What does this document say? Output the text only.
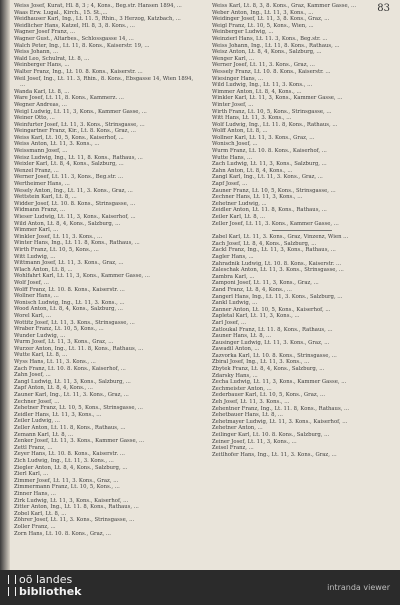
83

Weiss Josef, Kurat, Hl. 8, 3 ; 4, Kons., Beg.str. Hansen 1894, ...

Waas Erw. Lugal., Kirch., 15. St.,...

Weidhauser Karl, Ing., Lt. 11. 5, Rhin., 3 Herzog, Katzbach, ...

Weidlicher Hans, Katzel, Hl. 8, 3, 8. Kons., ...

Wagner Josef Franz, ...

Wagner Gust., Altarbes., Schlossgasse 14, ...

Walch Peter, Ing., Lt. 11, 8. Kons., Kaiserstr. 19, ...

Weiss Johann, ...

Wald Leo, Schulrat, Lt. 8, ...

Weinberger Hans, ...

Walter Franz, Ing., Lt. 10. 8. Kons., Kaiserstr. ...

Weil Josef, Ing., Lt. 11. 3, Rhin., 8. Kons., Ebsgasse 14, Wien 1894, ...

Wanda Karl, Lt. 8, ...

Ware Josef, Lt. 11, 8. Kons., Kammerz. ...

Wegner Andreas, ...

Weigl Ludwig, Lt. 11, 3, Kons., Kammer Gasse, ...

Weiner Otto, ...

Weinfurter Josef, Lt. 11, 3. Kons., Strinsgasse, ...

Weingartner Franz, Kir., Lt. 8. Kons., Graz, ...

Weiss Karl, Lt. 10, 5, Kons., Kaiserhof, ...

Weiss Anton, Lt. 11, 3. Kons., ...

Weissmann Josef, ...

Weisz Ludwig, Ing., Lt. 11, 8. Kons., Rathaus, ...

Weixler Karl, Lt. 8, 4, Kons., Salzburg, ...

Wenzel Franz, ...

Werner Josef, Lt. 11. 3, Kons., Beg.str. ...

Wertheimer Hans, ...

Wesely Anton, Ing., Lt. 11, 3. Kons., Graz, ...

Wettstein Karl, Lt. 8, ...

Widder Josef, Lt. 10. 8. Kons., Strinsgasse, ...

Widmann Franz, ...

Wieser Ludwig, Lt. 11, 3, Kons., Kaiserhof, ...

Wild Anton, Lt. 8, 4, Kons., Salzburg, ...

Wimmer Karl, ...

Winkler Josef, Lt. 11, 3. Kons., ...

Winter Hans, Ing., Lt. 11. 8, Kons., Rathaus, ...

Wirth Franz, Lt. 10, 5, Kons., ...

Witt Ludwig, ...

Wittmann Josef, Lt. 11, 3. Kons., Graz, ...

Wlach Anton, Lt. 8, ...

Wohlfahrt Karl, Lt. 11, 3, Kons., Kammer Gasse, ...

Wolf Josef, ...

Wolff Franz, Lt. 10. 8. Kons., Kaiserstr. ...

Wollner Hans, ...

Wonisch Ludwig, Ing., Lt. 11, 3. Kons., ...

Wood Anton, Lt. 8, 4, Kons., Salzburg, ...

Worel Karl, ...

Wottitz Josef, Lt. 11, 3. Kons., Strinsgasse, ...

Wraber Franz, Lt. 10, 5, Kons., ...

Wunder Ludwig, ...

Wurm Josef, Lt. 11, 3, Kons., Graz, ...

Wurzer Anton, Ing., Lt. 11. 8, Kons., Rathaus, ...

Wutte Karl, Lt. 8, ...

Wyss Hans, Lt. 11, 3. Kons., ...

Zach Franz, Lt. 10. 8. Kons., Kaiserhof, ...

Zahn Josef, ...

Zangl Ludwig, Lt. 11, 3, Kons., Salzburg, ...

Zapf Anton, Lt. 8, 4, Kons., ...

Zauner Karl, Ing., Lt. 11, 3. Kons., Graz, ...

Zechner Josef, ...

Zehetner Franz, Lt. 10, 5, Kons., Strinsgasse, ...

Zeidler Hans, Lt. 11, 3, Kons., ...

Zeiler Ludwig, ...

Zeller Anton, Lt. 11. 8, Kons., Rathaus, ...

Zemann Karl, Lt. 8, ...

Zenker Josef, Lt. 11, 3. Kons., Kammer Gasse, ...

Zettl Franz, ...

Zeyer Hans, Lt. 10. 8. Kons., Kaiserstr. ...

Zich Ludwig, Ing., Lt. 11, 3. Kons., ...

Ziegler Anton, Lt. 8, 4, Kons., Salzburg, ...

Zierl Karl, ...

Zimmer Josef, Lt. 11, 3. Kons., Graz, ...

Zimmermann Franz, Lt. 10, 5, Kons., ...

Zinner Hans, ...

Zirk Ludwig, Lt. 11, 3, Kons., Kaiserhof, ...

Zitter Anton, Ing., Lt. 11. 8, Kons., Rathaus, ...

Zobel Karl, Lt. 8, ...

Zöhrer Josef, Lt. 11, 3. Kons., Strinsgasse, ...

Zoller Franz, ...

Zorn Hans, Lt. 10. 8. Kons., Graz, ...

Weiss Karl, Lt. 8, 3, 8. Kons., Graz, Kammer Gasse, ...

Weber Anton, Ing., Lt. 11, 3, Kons., ...

Weidinger Josef, Lt. 11, 3, 8. Kons., Graz, ...

Weigl Franz, Lt. 10, 5, Kons., Wien, ...

Weinberger Ludwig, ...

Weinzierl Hans, Lt. 11. 3, Kons., Beg.str. ...

Weiss Johann, Ing., Lt. 11, 8. Kons., Rathaus, ...

Weisz Anton, Lt. 8, 4, Kons., Salzburg, ...

Wenger Karl, ...

Werner Josef, Lt. 11, 3. Kons., Graz, ...

Wessely Franz, Lt. 10. 8. Kons., Kaiserstr. ...

Wiesinger Hans, ...

Wild Ludwig, Ing., Lt. 11, 3. Kons., ...

Wimmer Anton, Lt. 8, 4, Kons., ...

Winkler Karl, Lt. 11, 3, Kons., Kammer Gasse, ...

Winter Josef, ...

Wirth Franz, Lt. 10, 5, Kons., Strinsgasse, ...

Witt Hans, Lt. 11, 3. Kons., ...

Wolf Ludwig, Ing., Lt. 11. 8, Kons., Rathaus, ...

Wolff Anton, Lt. 8, ...

Wollner Karl, Lt. 11, 3. Kons., Graz, ...

Wonisch Josef, ...

Wurm Franz, Lt. 10. 8. Kons., Kaiserhof, ...

Wutte Hans, ...

Zach Ludwig, Lt. 11, 3, Kons., Salzburg, ...

Zahn Anton, Lt. 8, 4, Kons., ...

Zangl Karl, Ing., Lt. 11, 3. Kons., Graz, ...

Zapf Josef, ...

Zauner Franz, Lt. 10, 5, Kons., Strinsgasse, ...

Zechner Hans, Lt. 11, 3, Kons., ...

Zehetner Ludwig, ...

Zeidler Anton, Lt. 11. 8, Kons., Rathaus, ...

Zeiler Karl, Lt. 8, ...

Zeller Josef, Lt. 11, 3. Kons., Kammer Gasse, ...

Zabel Karl, Lt. 11, 3. Kons., Graz, Vinzenz, Wien ...

Zach Josef, Lt. 8, 4, Kons., Salzburg, ...

Zackl Franz, Ing., Lt. 11, 3, Kons., Rathaus, ...

Zagler Hans, ...

Zahradnik Ludwig, Lt. 10. 8. Kons., Kaiserstr. ...

Zaleschak Anton, Lt. 11, 3. Kons., Strinsgasse, ...

Zambra Karl, ...

Zamponi Josef, Lt. 11, 3, Kons., Graz, ...

Zand Franz, Lt. 8, 4, Kons., ...

Zangerl Hans, Ing., Lt. 11, 3. Kons., Salzburg, ...

Zankl Ludwig, ...

Zanner Anton, Lt. 10, 5, Kons., Kaiserhof, ...

Zapletal Karl, Lt. 11, 3, Kons., ...

Zarl Josef, ...

Zatloukal Franz, Lt. 11. 8, Kons., Rathaus, ...

Zauner Hans, Lt. 8, ...

Zausinger Ludwig, Lt. 11, 3. Kons., Graz, ...

Zawadil Anton, ...

Zazvorka Karl, Lt. 10. 8. Kons., Strinsgasse, ...

Zbiral Josef, Ing., Lt. 11, 3. Kons., ...

Zbytek Franz, Lt. 8, 4, Kons., Salzburg, ...

Zdarsky Hans, ...

Zecha Ludwig, Lt. 11, 3, Kons., Kammer Gasse, ...

Zechmeister Anton, ...

Zederbauer Karl, Lt. 10, 5, Kons., Graz, ...

Zeh Josef, Lt. 11, 3. Kons., ...

Zehentner Franz, Ing., Lt. 11. 8, Kons., Rathaus, ...

Zehetbauer Hans, Lt. 8, ...

Zehetmayer Ludwig, Lt. 11, 3. Kons., Kaiserhof, ...

Zehetner Anton, ...

Zeilinger Karl, Lt. 10. 8. Kons., Salzburg, ...

Zeiner Josef, Lt. 11, 3, Kons., ...

Zeisel Franz, ...

Zeitlhofer Hans, Ing., Lt. 11, 3. Kons., Graz, ...

oö landes
bibliothek	intranda viewer
